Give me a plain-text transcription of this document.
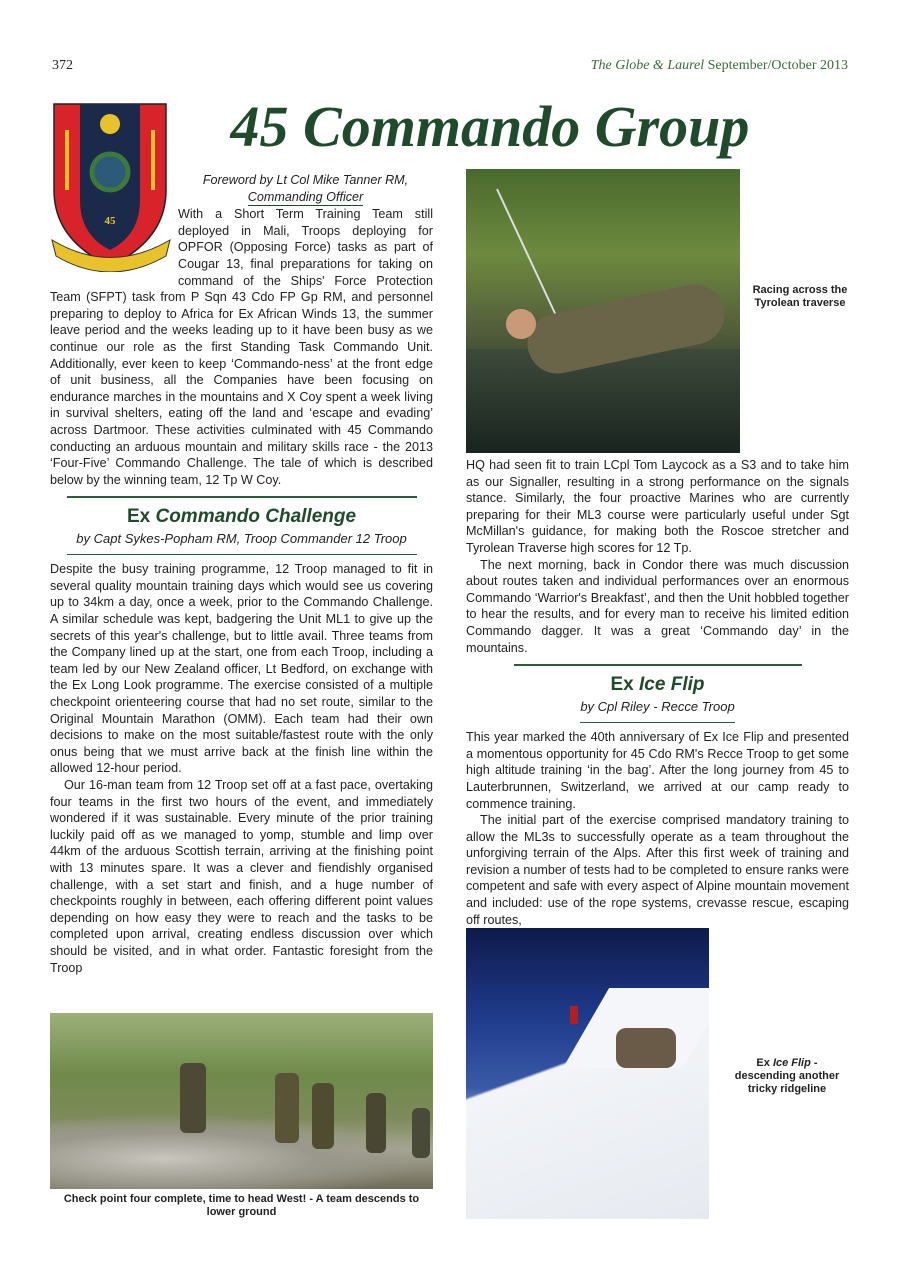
372	The Globe & Laurel September/October 2013
45 Commando Group
45
Foreword by Lt Col Mike Tanner RM,
Commanding Officer

With a Short Term Training Team still deployed in Mali, Troops deploying for OPFOR (Opposing Force) tasks as part of Cougar 13, final preparations for taking on command of the Ships' Force Protection Team (SFPT) task from P Sqn 43 Cdo FP Gp RM, and personnel preparing to deploy to Africa for Ex African Winds 13, the summer leave period and the weeks leading up to it have been busy as we continue our role as the first Standing Task Commando Unit. Additionally, ever keen to keep ‘Commando-ness’ at the front edge of unit business, all the Companies have been focusing on endurance marches in the mountains and X Coy spent a week living in survival shelters, eating off the land and ‘escape and evading’ across Dartmoor. These activities culminated with 45 Commando conducting an arduous mountain and military skills race - the 2013 ‘Four-Five’ Commando Challenge. The tale of which is described below by the winning team, 12 Tp W Coy.

Ex Commando Challenge
by Capt Sykes-Popham RM, Troop Commander 12 Troop

Despite the busy training programme, 12 Troop managed to fit in several quality mountain training days which would see us covering up to 34km a day, once a week, prior to the Commando Challenge. A similar schedule was kept, badgering the Unit ML1 to give up the secrets of this year's challenge, but to little avail. Three teams from the Company lined up at the start, one from each Troop, including a team led by our New Zealand officer, Lt Bedford, on exchange with the Ex Long Look programme. The exercise consisted of a multiple checkpoint orienteering course that had no set route, similar to the Original Mountain Marathon (OMM). Each team had their own decisions to make on the most suitable/fastest route with the only onus being that we must arrive back at the finish line within the allowed 12-hour period.

Our 16-man team from 12 Troop set off at a fast pace, overtaking four teams in the first two hours of the event, and immediately wondered if it was sustainable. Every minute of the prior training luckily paid off as we managed to yomp, stumble and limp over 44km of the arduous Scottish terrain, arriving at the finishing point with 13 minutes spare. It was a clever and fiendishly organised challenge, with a set start and finish, and a huge number of checkpoints roughly in between, each offering different point values depending on how easy they were to reach and the tasks to be completed upon arrival, creating endless discussion over which should be visited, and in what order. Fantastic foresight from the Troop

Check point four complete, time to head West! - A team descends to lower ground
Racing across the Tyrolean traverse

HQ had seen fit to train LCpl Tom Laycock as a S3 and to take him as our Signaller, resulting in a strong performance on the signals stance. Similarly, the four proactive Marines who are currently preparing for their ML3 course were particularly useful under Sgt McMillan's guidance, for making both the Roscoe stretcher and Tyrolean Traverse high scores for 12 Tp.

The next morning, back in Condor there was much discussion about routes taken and individual performances over an enormous Commando ‘Warrior's Breakfast’, and then the Unit hobbled together to hear the results, and for every man to receive his limited edition Commando dagger. It was a great ‘Commando day’ in the mountains.

Ex Ice Flip
by Cpl Riley - Recce Troop

This year marked the 40th anniversary of Ex Ice Flip and presented a momentous opportunity for 45 Cdo RM's Recce Troop to get some high altitude training ‘in the bag’. After the long journey from 45 to Lauterbrunnen, Switzerland, we arrived at our camp ready to commence training.

The initial part of the exercise comprised mandatory training to allow the ML3s to successfully operate as a team throughout the unforgiving terrain of the Alps. After this first week of training and revision a number of tests had to be completed to ensure ranks were competent and safe with every aspect of Alpine mountain movement and included: use of the rope systems, crevasse rescue, escaping off routes,

Ex Ice Flip - descending another tricky ridgeline
